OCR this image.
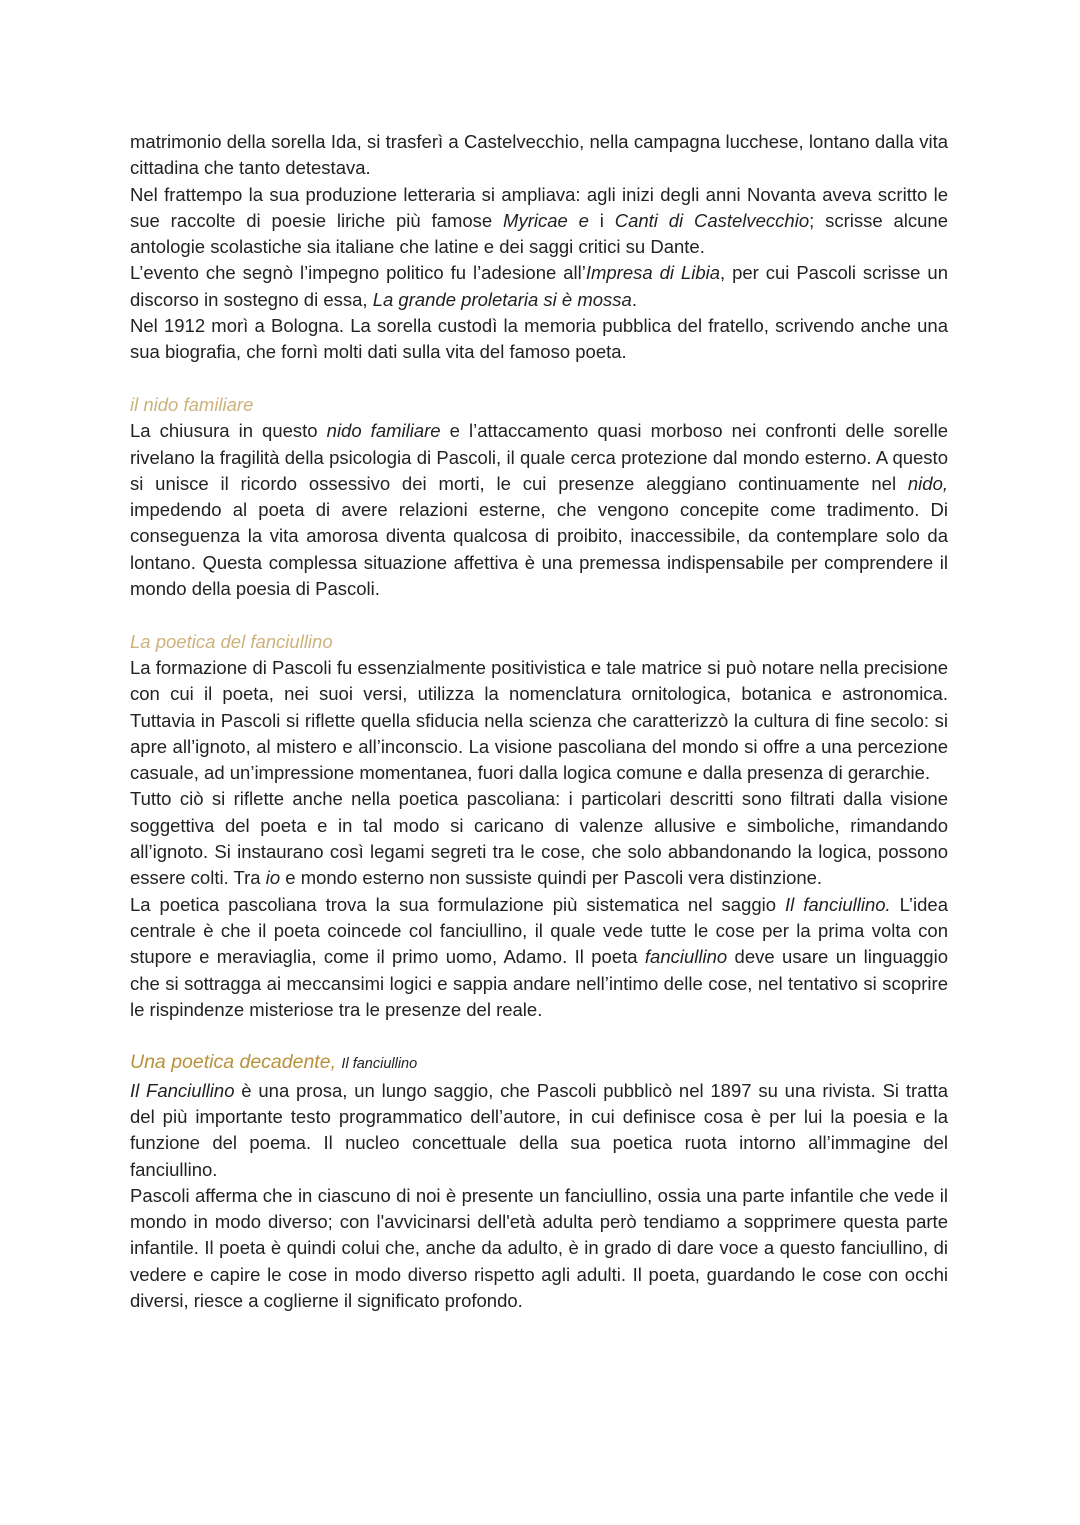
matrimonio della sorella Ida, si trasferì a Castelvecchio, nella campagna lucchese, lontano dalla vita cittadina che tanto detestava.

Nel frattempo la sua produzione letteraria si ampliava: agli inizi degli anni Novanta aveva scritto le sue raccolte di poesie liriche più famose Myricae e i Canti di Castelvecchio; scrisse alcune antologie scolastiche sia italiane che latine e dei saggi critici su Dante.

L’evento che segnò l’impegno politico fu l’adesione all’Impresa di Libia, per cui Pascoli scrisse un discorso in sostegno di essa, La grande proletaria si è mossa.

Nel 1912 morì a Bologna. La sorella custodì la memoria pubblica del fratello, scrivendo anche una sua biografia, che fornì molti dati sulla vita del famoso poeta.

il nido familiare

La chiusura in questo nido familiare e l’attaccamento quasi morboso nei confronti delle sorelle rivelano la fragilità della psicologia di Pascoli, il quale cerca protezione dal mondo esterno. A questo si unisce il ricordo ossessivo dei morti, le cui presenze aleggiano continuamente nel nido, impedendo al poeta di avere relazioni esterne, che vengono concepite come tradimento. Di conseguenza la vita amorosa diventa qualcosa di proibito, inaccessibile, da contemplare solo da lontano. Questa complessa situazione affettiva è una premessa indispensabile per comprendere il mondo della poesia di Pascoli.

La poetica del fanciullino

La formazione di Pascoli fu essenzialmente positivistica e tale matrice si può notare nella precisione con cui il poeta, nei suoi versi, utilizza la nomenclatura ornitologica, botanica e astronomica. Tuttavia in Pascoli si riflette quella sfiducia nella scienza che caratterizzò la cultura di fine secolo: si apre all’ignoto, al mistero e all’inconscio. La visione pascoliana del mondo si offre a una percezione casuale, ad un’impressione momentanea, fuori dalla logica comune e dalla presenza di gerarchie.

Tutto ciò si riflette anche nella poetica pascoliana: i particolari descritti sono filtrati dalla visione soggettiva del poeta e in tal modo si caricano di valenze allusive e simboliche, rimandando all’ignoto. Si instaurano così legami segreti tra le cose, che solo abbandonando la logica, possono essere colti. Tra io e mondo esterno non sussiste quindi per Pascoli vera distinzione.

La poetica pascoliana trova la sua formulazione più sistematica nel saggio Il fanciullino. L’idea centrale è che il poeta coincede col fanciullino, il quale vede tutte le cose per la prima volta con stupore e meraviaglia, come il primo uomo, Adamo. Il poeta fanciullino deve usare un linguaggio che si sottragga ai meccansimi logici e sappia andare nell’intimo delle cose, nel tentativo si scoprire le rispindenze misteriose tra le presenze del reale.

Una poetica decadente, Il fanciullino

Il Fanciullino è una prosa, un lungo saggio, che Pascoli pubblicò nel 1897 su una rivista. Si tratta del più importante testo programmatico dell’autore, in cui definisce cosa è per lui la poesia e la funzione del poema. Il nucleo concettuale della sua poetica ruota intorno all’immagine del fanciullino.

Pascoli afferma che in ciascuno di noi è presente un fanciullino, ossia una parte infantile che vede il mondo in modo diverso; con l'avvicinarsi dell'età adulta però tendiamo a sopprimere questa parte infantile. Il poeta è quindi colui che, anche da adulto, è in grado di dare voce a questo fanciullino, di vedere e capire le cose in modo diverso rispetto agli adulti. Il poeta, guardando le cose con occhi diversi, riesce a coglierne il significato profondo.
